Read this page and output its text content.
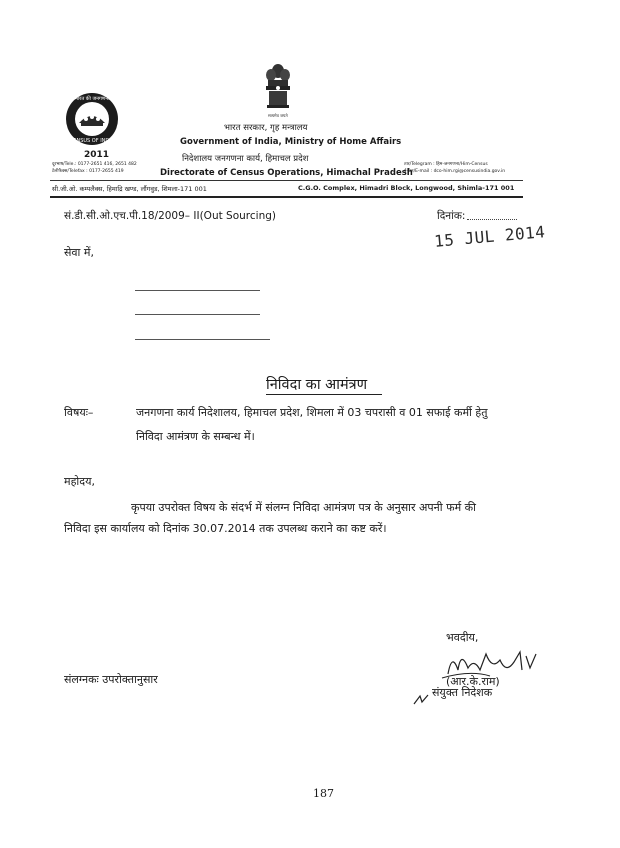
भारत की जनगणना
CENSUS OF INDIA
2011
सत्यमेव जयते
भारत सरकार, गृह मन्त्रालय
Government of India, Ministry of Home Affairs
निदेशालय जनगणना कार्य, हिमाचल प्रदेश
Directorate of Census Operations, Himachal Pradesh
दूरभाष/Tele.: 0177-2651 416, 2651 482
टेलीफैक्स/Telefax : 0177-2655 419
तार/Telegram : हिम-जनगणना/Him-Census
ई-मेल/E-mail : dco-him.rgi@censusindia.gov.in
सी.जी.ओ. कम्पलैक्स, हिमाद्रि खण्ड, लौंगवुड, शिमला-171 001	C.G.O. Complex, Himadri Block, Longwood, Shimla-171 001
सं.डी.सी.ओ.एच.पी.18/2009– II(Out Sourcing)	दिनांक:
15 JUL 2014
सेवा में,
निविदा का आमंत्रण
विषयः–	जनगणना कार्य निदेशालय, हिमाचल प्रदेश, शिमला में 03 चपरासी व 01 सफाई कर्मी हेतु
निविदा आमंत्रण के सम्बन्ध में।
महोदय,
कृपया उपरोक्त विषय के संदर्भ में संलग्न निविदा आमंत्रण पत्र के अनुसार अपनी फर्म की
निविदा इस कार्यालय को दिनांक 30.07.2014 तक उपलब्ध कराने का कष्ट करें।
भवदीय,
(आर.के.राम)
संयुक्त निदेशक
संलग्नकः उपरोक्तानुसार
187
